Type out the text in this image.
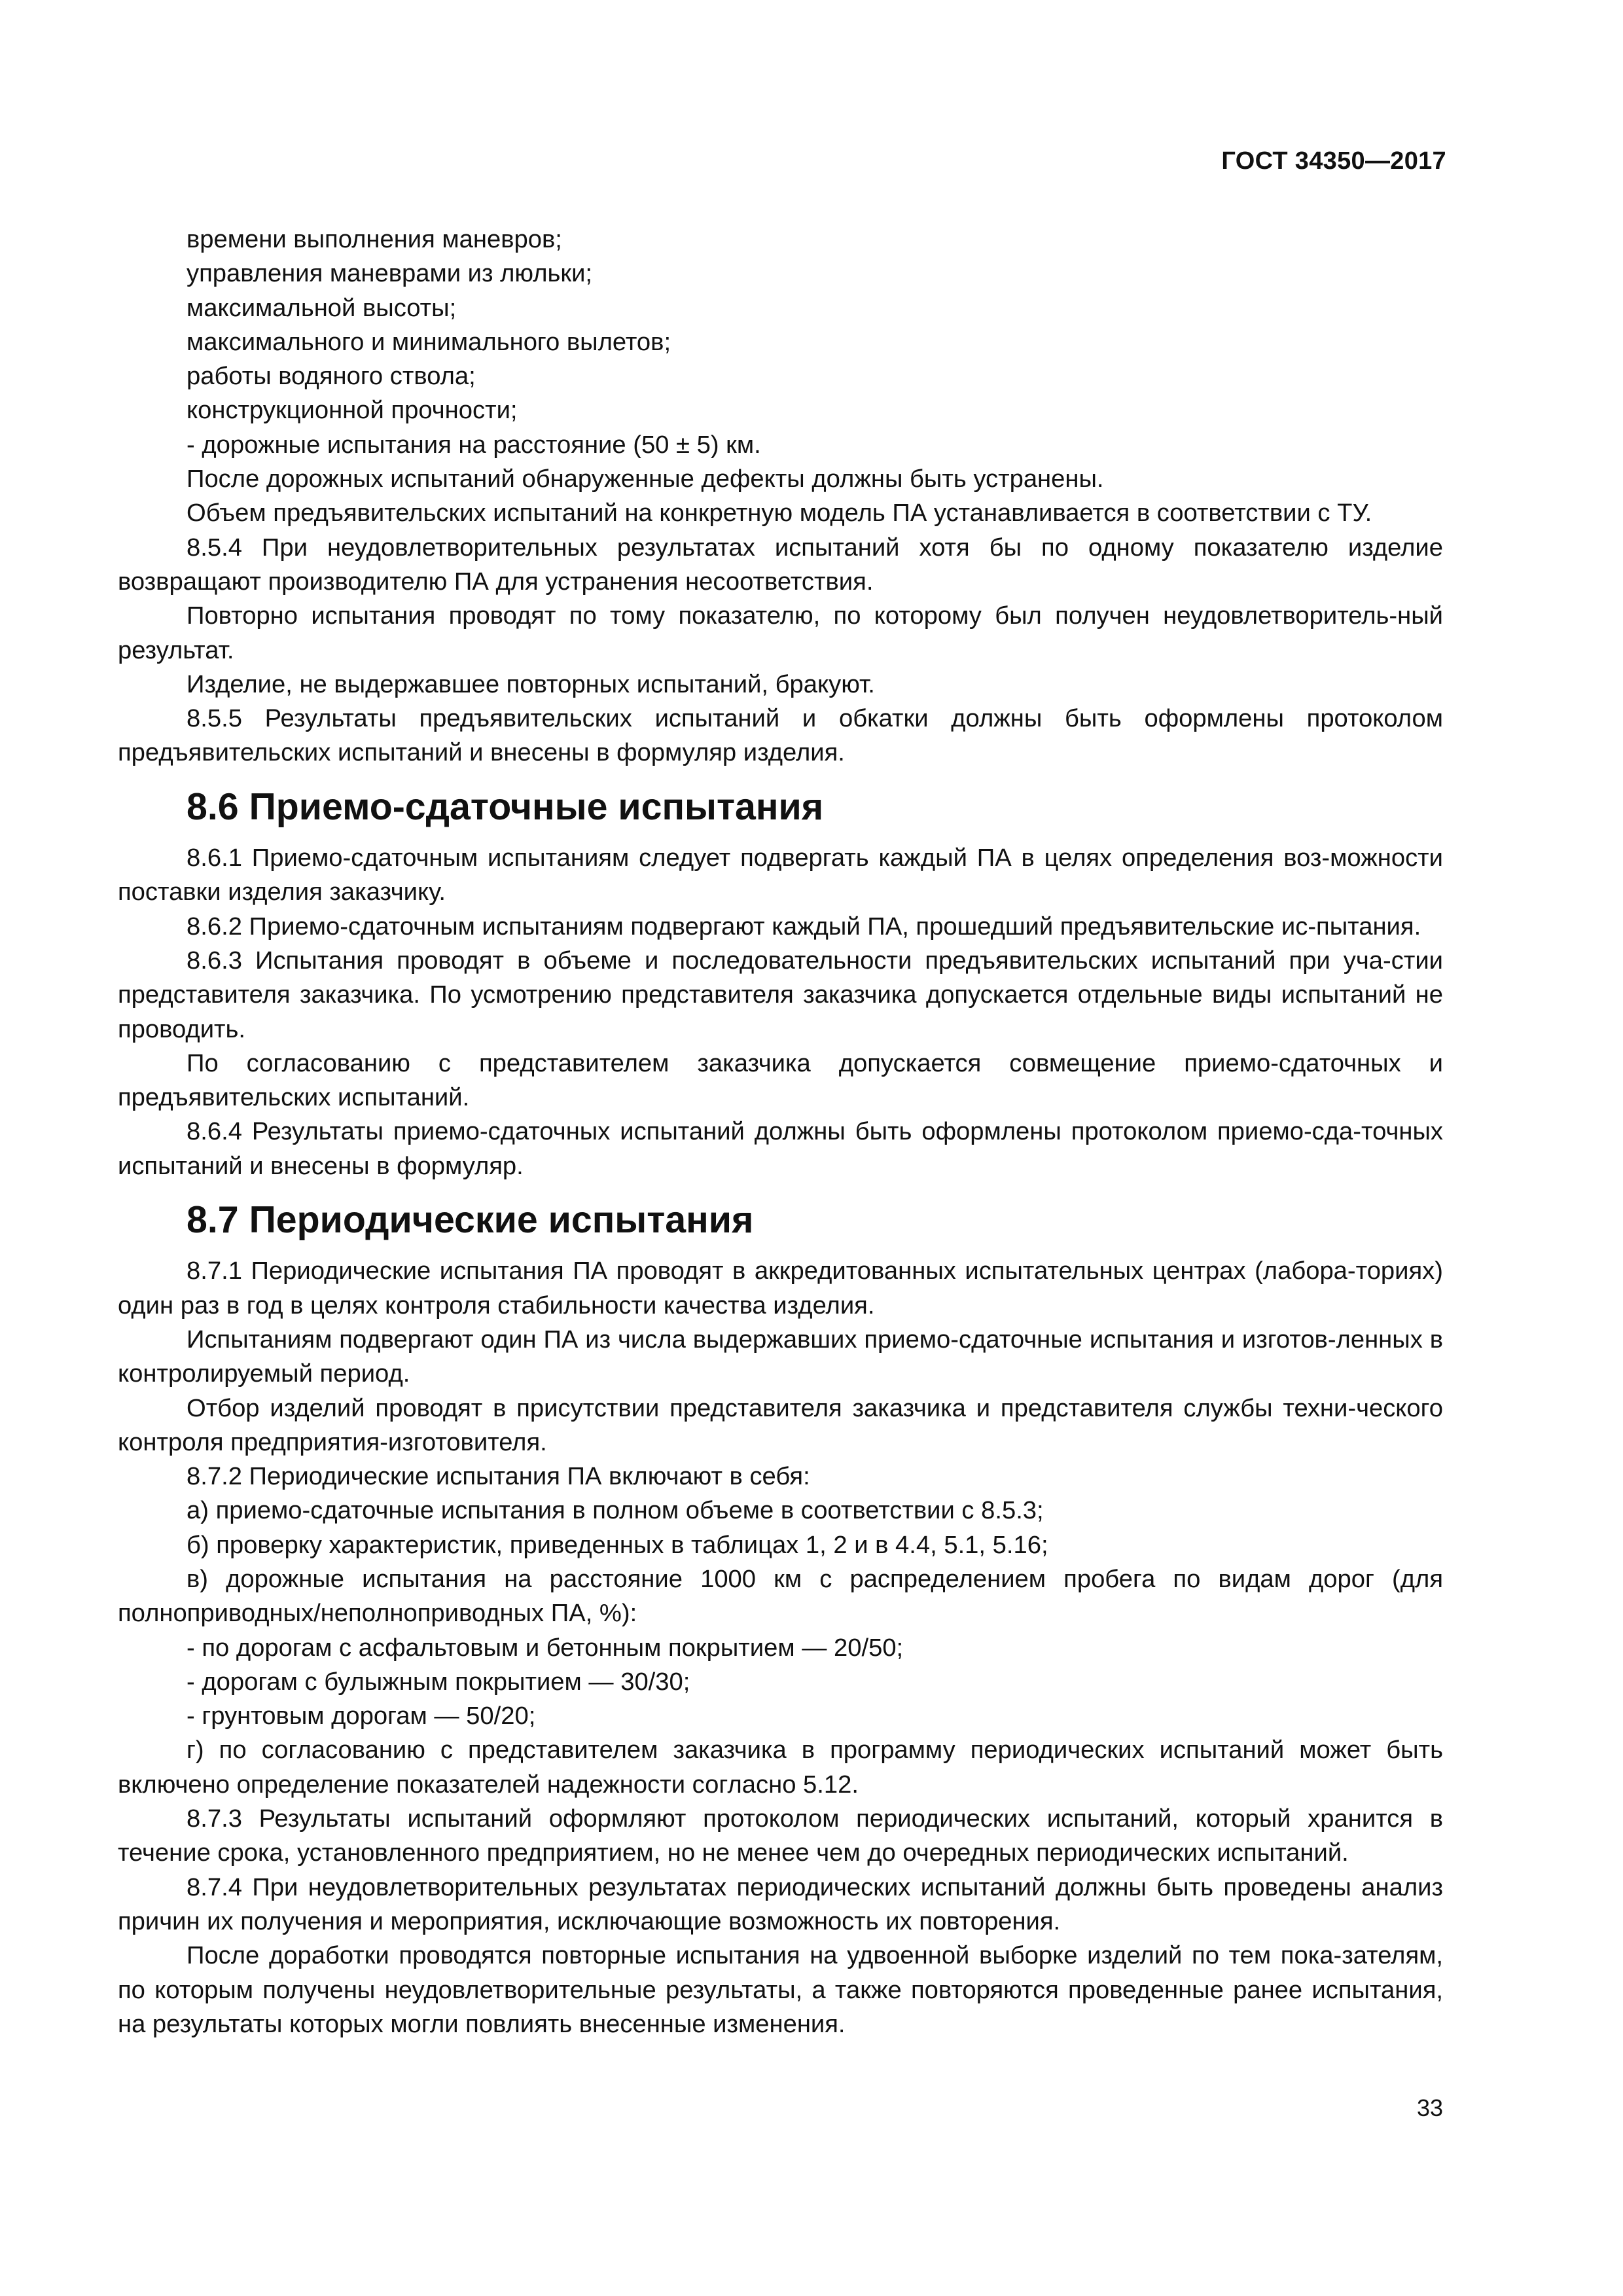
ГОСТ 34350—2017

времени выполнения маневров;

управления маневрами из люльки;

максимальной высоты;

максимального и минимального вылетов;

работы водяного ствола;

конструкционной прочности;

- дорожные испытания на расстояние (50 ± 5) км.

После дорожных испытаний обнаруженные дефекты должны быть устранены.

Объем предъявительских испытаний на конкретную модель ПА устанавливается в соответствии с ТУ.

8.5.4 При неудовлетворительных результатах испытаний хотя бы по одному показателю изделие возвращают производителю ПА для устранения несоответствия.

Повторно испытания проводят по тому показателю, по которому был получен неудовлетворитель-ный результат.

Изделие, не выдержавшее повторных испытаний, бракуют.

8.5.5 Результаты предъявительских испытаний и обкатки должны быть оформлены протоколом предъявительских испытаний и внесены в формуляр изделия.

8.6 Приемо-сдаточные испытания

8.6.1 Приемо-сдаточным испытаниям следует подвергать каждый ПА в целях определения воз-можности поставки изделия заказчику.

8.6.2 Приемо-сдаточным испытаниям подвергают каждый ПА, прошедший предъявительские ис-пытания.

8.6.3 Испытания проводят в объеме и последовательности предъявительских испытаний при уча-стии представителя заказчика. По усмотрению представителя заказчика допускается отдельные виды испытаний не проводить.

По согласованию с представителем заказчика допускается совмещение приемо-сдаточных и предъявительских испытаний.

8.6.4 Результаты приемо-сдаточных испытаний должны быть оформлены протоколом приемо-сда-точных испытаний и внесены в формуляр.

8.7 Периодические испытания

8.7.1 Периодические испытания ПА проводят в аккредитованных испытательных центрах (лабора-ториях) один раз в год в целях контроля стабильности качества изделия.

Испытаниям подвергают один ПА из числа выдержавших приемо-сдаточные испытания и изготов-ленных в контролируемый период.

Отбор изделий проводят в присутствии представителя заказчика и представителя службы техни-ческого контроля предприятия-изготовителя.

8.7.2 Периодические испытания ПА включают в себя:

а) приемо-сдаточные испытания в полном объеме в соответствии с 8.5.3;

б) проверку характеристик, приведенных в таблицах 1, 2 и в 4.4, 5.1, 5.16;

в) дорожные испытания на расстояние 1000 км с распределением пробега по видам дорог (для полноприводных/неполноприводных ПА, %):

- по дорогам с асфальтовым и бетонным покрытием — 20/50;

- дорогам с булыжным покрытием — 30/30;

- грунтовым дорогам — 50/20;

г) по согласованию с представителем заказчика в программу периодических испытаний может быть включено определение показателей надежности согласно 5.12.

8.7.3 Результаты испытаний оформляют протоколом периодических испытаний, который хранится в течение срока, установленного предприятием, но не менее чем до очередных периодических испытаний.

8.7.4 При неудовлетворительных результатах периодических испытаний должны быть проведены анализ причин их получения и мероприятия, исключающие возможность их повторения.

После доработки проводятся повторные испытания на удвоенной выборке изделий по тем пока-зателям, по которым получены неудовлетворительные результаты, а также повторяются проведенные ранее испытания, на результаты которых могли повлиять внесенные изменения.

33
